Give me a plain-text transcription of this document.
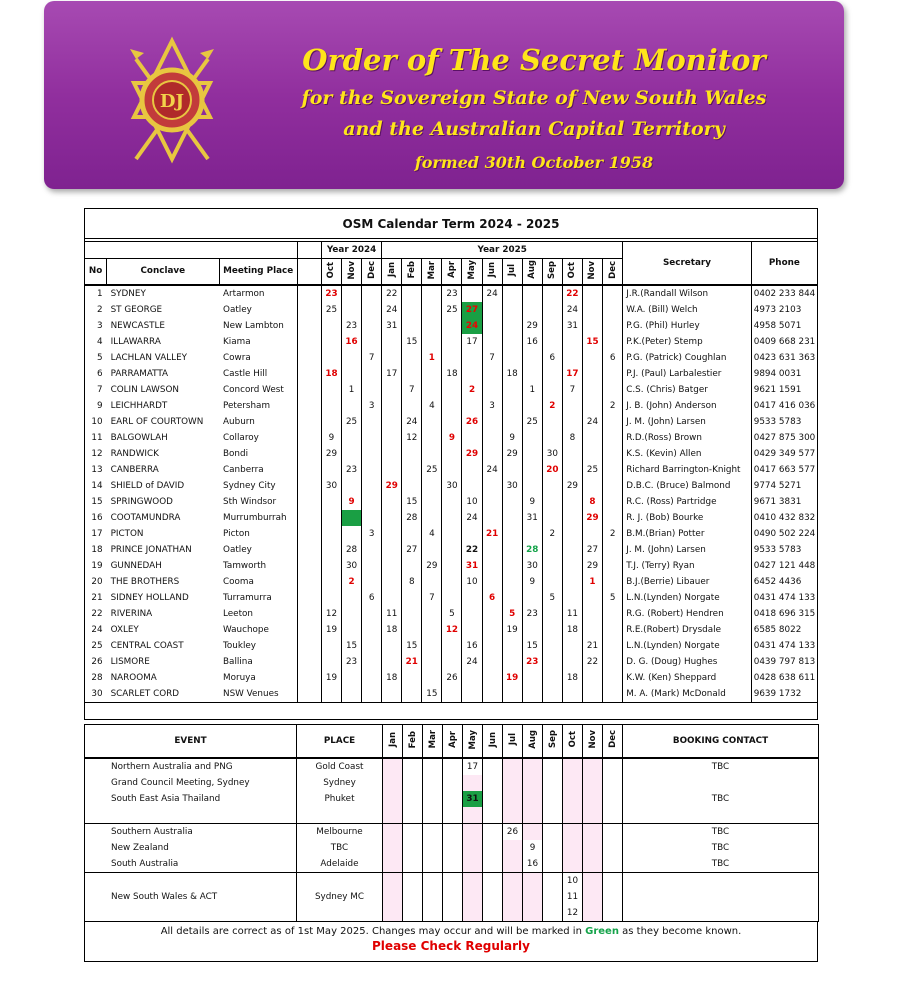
DJ
Order of The Secret Monitor
for the Sovereign State of New South Wales
and the Australian Capital Territory
formed 30th October 1958
OSM Calendar Term 2024 - 2025
				Year 2024			Year 2025												Secretary	Phone
No	Conclave	Meeting Place		Oct	Nov	Dec	Jan	Feb	Mar	Apr	May	Jun	Jul	Aug	Sep	Oct	Nov	Dec		
1	SYDNEY	Artarmon		23			22			23		24				22			J.R.(Randall Wilson	0402 233 844
2	ST GEORGE	Oatley		25			24			25	27					24			W.A. (Bill) Welch	4973 2103
3	NEWCASTLE	New Lambton			23		31				24			29		31			P.G. (Phil) Hurley	4958 5071
4	ILLAWARRA	Kiama			16			15			17			16			15		P.K.(Peter) Stemp	0409 668 231
5	LACHLAN VALLEY	Cowra				7			1			7			6			6	P.G. (Patrick) Coughlan	0423 631 363
6	PARRAMATTA	Castle Hill		18			17			18			18			17			P.J. (Paul) Larbalestier	9894 0031
7	COLIN LAWSON	Concord West			1			7			2			1		7			C.S. (Chris) Batger	9621 1591
9	LEICHHARDT	Petersham				3			4			3			2			2	J. B. (John) Anderson	0417 416 036
10	EARL OF COURTOWN	Auburn			25			24			26			25			24		J. M. (John) Larsen	9533 5783
11	BALGOWLAH	Collaroy		9				12		9			9			8			R.D.(Ross) Brown	0427 875 300
12	RANDWICK	Bondi		29							29		29		30				K.S. (Kevin) Allen	0429 349 577
13	CANBERRA	Canberra			23				25			24			20		25		Richard Barrington-Knight	0417 663 577
14	SHIELD of DAVID	Sydney City		30			29			30			30			29			D.B.C. (Bruce) Balmond	9774 5271
15	SPRINGWOOD	Sth Windsor			9			15			10			9			8		R.C. (Ross) Partridge	9671 3831
16	COOTAMUNDRA	Murrumburrah						28			24			31			29		R. J. (Bob) Bourke	0410 432 832
17	PICTON	Picton				3			4			21			2			2	B.M.(Brian) Potter	0490 502 224
18	PRINCE JONATHAN	Oatley			28			27			22			28			27		J. M. (John) Larsen	9533 5783
19	GUNNEDAH	Tamworth			30				29		31			30			29		T.J. (Terry) Ryan	0427 121 448
20	THE BROTHERS	Cooma			2			8			10			9			1		B.J.(Berrie) Libauer	6452 4436
21	SIDNEY HOLLAND	Turramurra				6			7			6			5			5	L.N.(Lynden) Norgate	0431 474 133
22	RIVERINA	Leeton		12			11			5			5	23		11			R.G. (Robert) Hendren	0418 696 315
24	OXLEY	Wauchope		19			18			12			19			18			R.E.(Robert) Drysdale	6585 8022
25	CENTRAL COAST	Toukley			15			15			16			15			21		L.N.(Lynden) Norgate	0431 474 133
26	LISMORE	Ballina			23			21			24			23			22		D. G. (Doug) Hughes	0439 797 813
28	NAROOMA	Moruya		19			18			26			19			18			K.W. (Ken) Sheppard	0428 638 611
30	SCARLET CORD	NSW Venues							15										M. A. (Mark) McDonald	9639 1732
EVENT	PLACE	Jan	Feb	Mar	Apr	May	Jun	Jul	Aug	Sep	Oct	Nov	Dec	BOOKING CONTACT
Northern Australia and PNG	Gold Coast					17								TBC
Grand Council Meeting, Sydney	Sydney													
South East Asia Thailand	Phuket					31								TBC

Southern Australia	Melbourne							26						TBC
New Zealand	TBC								9					TBC
South Australia	Adelaide								16					TBC
											10			
New South Wales & ACT	Sydney MC										11			
											12			
All details are correct as of 1st May 2025. Changes may occur and will be marked in Green as they become known.
Please Check Regularly
